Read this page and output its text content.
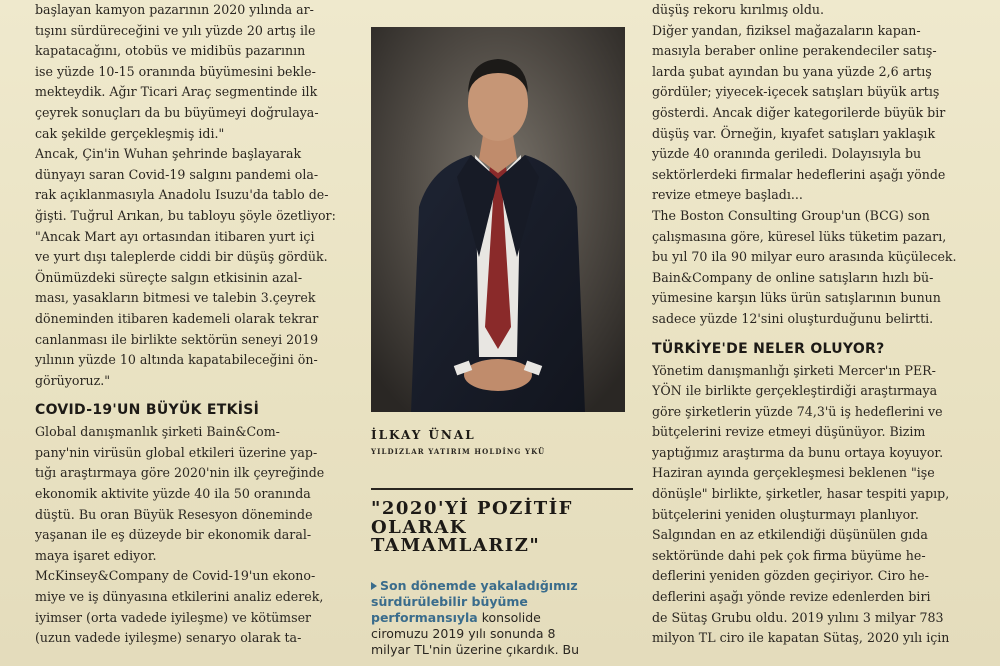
başlayan kamyon pazarının 2020 yılında ar-
tışını sürdüreceğini ve yılı yüzde 20 artış ile
kapatacağını, otobüs ve midibüs pazarının
ise yüzde 10-15 oranında büyümesini bekle-
mekteydik. Ağır Ticari Araç segmentinde ilk
çeyrek sonuçları da bu büyümeyi doğrulaya-
cak şekilde gerçekleşmiş idi."

Ancak, Çin'in Wuhan şehrinde başlayarak
dünyayı saran Covid-19 salgını pandemi ola-
rak açıklanmasıyla Anadolu Isuzu'da tablo de-
ğişti. Tuğrul Arıkan, bu tabloyu şöyle özetliyor:
"Ancak Mart ayı ortasından itibaren yurt içi
ve yurt dışı taleplerde ciddi bir düşüş gördük.
Önümüzdeki süreçte salgın etkisinin azal-
ması, yasakların bitmesi ve talebin 3.çeyrek
döneminden itibaren kademeli olarak tekrar
canlanması ile birlikte sektörün seneyi 2019
yılının yüzde 10 altında kapatabileceğini ön-
görüyoruz."

COVID-19'UN BÜYÜK ETKİSİ

Global danışmanlık şirketi Bain&Com-
pany'nin virüsün global etkileri üzerine yap-
tığı araştırmaya göre 2020'nin ilk çeyreğinde
ekonomik aktivite yüzde 40 ila 50 oranında
düştü. Bu oran Büyük Resesyon döneminde
yaşanan ile eş düzeyde bir ekonomik daral-
maya işaret ediyor.

McKinsey&Company de Covid-19'un ekono-
miye ve iş dünyasına etkilerini analiz ederek,
iyimser (orta vadede iyileşme) ve kötümser
(uzun vadede iyileşme) senaryo olarak ta-

İLKAY ÜNAL
YILDIZLAR YATIRIM HOLDİNG YKÜ
"2020'Yİ POZİTİF
OLARAK
TAMAMLARIZ"
Son dönemde yakaladığımız
sürdürülebilir büyüme
performansıyla konsolide
ciromuzu 2019 yılı sonunda 8
milyar TL'nin üzerine çıkardık. Bu

düşüş rekoru kırılmış oldu.

Diğer yandan, fiziksel mağazaların kapan-
masıyla beraber online perakendeciler satış-
larda şubat ayından bu yana yüzde 2,6 artış
gördüler; yiyecek-içecek satışları büyük artış
gösterdi. Ancak diğer kategorilerde büyük bir
düşüş var. Örneğin, kıyafet satışları yaklaşık
yüzde 40 oranında geriledi. Dolayısıyla bu
sektörlerdeki firmalar hedeflerini aşağı yönde
revize etmeye başladı...

The Boston Consulting Group'un (BCG) son
çalışmasına göre, küresel lüks tüketim pazarı,
bu yıl 70 ila 90 milyar euro arasında küçülecek.
Bain&Company de online satışların hızlı bü-
yümesine karşın lüks ürün satışlarının bunun
sadece yüzde 12'sini oluşturduğunu belirtti.

TÜRKİYE'DE NELER OLUYOR?

Yönetim danışmanlığı şirketi Mercer'ın PER-
YÖN ile birlikte gerçekleştirdiği araştırmaya
göre şirketlerin yüzde 74,3'ü iş hedeflerini ve
bütçelerini revize etmeyi düşünüyor. Bizim
yaptığımız araştırma da bunu ortaya koyuyor.
Haziran ayında gerçekleşmesi beklenen "işe
dönüşle" birlikte, şirketler, hasar tespiti yapıp,
bütçelerini yeniden oluşturmayı planlıyor.

Salgından en az etkilendiği düşünülen gıda
sektöründe dahi pek çok firma büyüme he-
deflerini yeniden gözden geçiriyor. Ciro he-
deflerini aşağı yönde revize edenlerden biri
de Sütaş Grubu oldu. 2019 yılını 3 milyar 783
milyon TL ciro ile kapatan Sütaş, 2020 yılı için
